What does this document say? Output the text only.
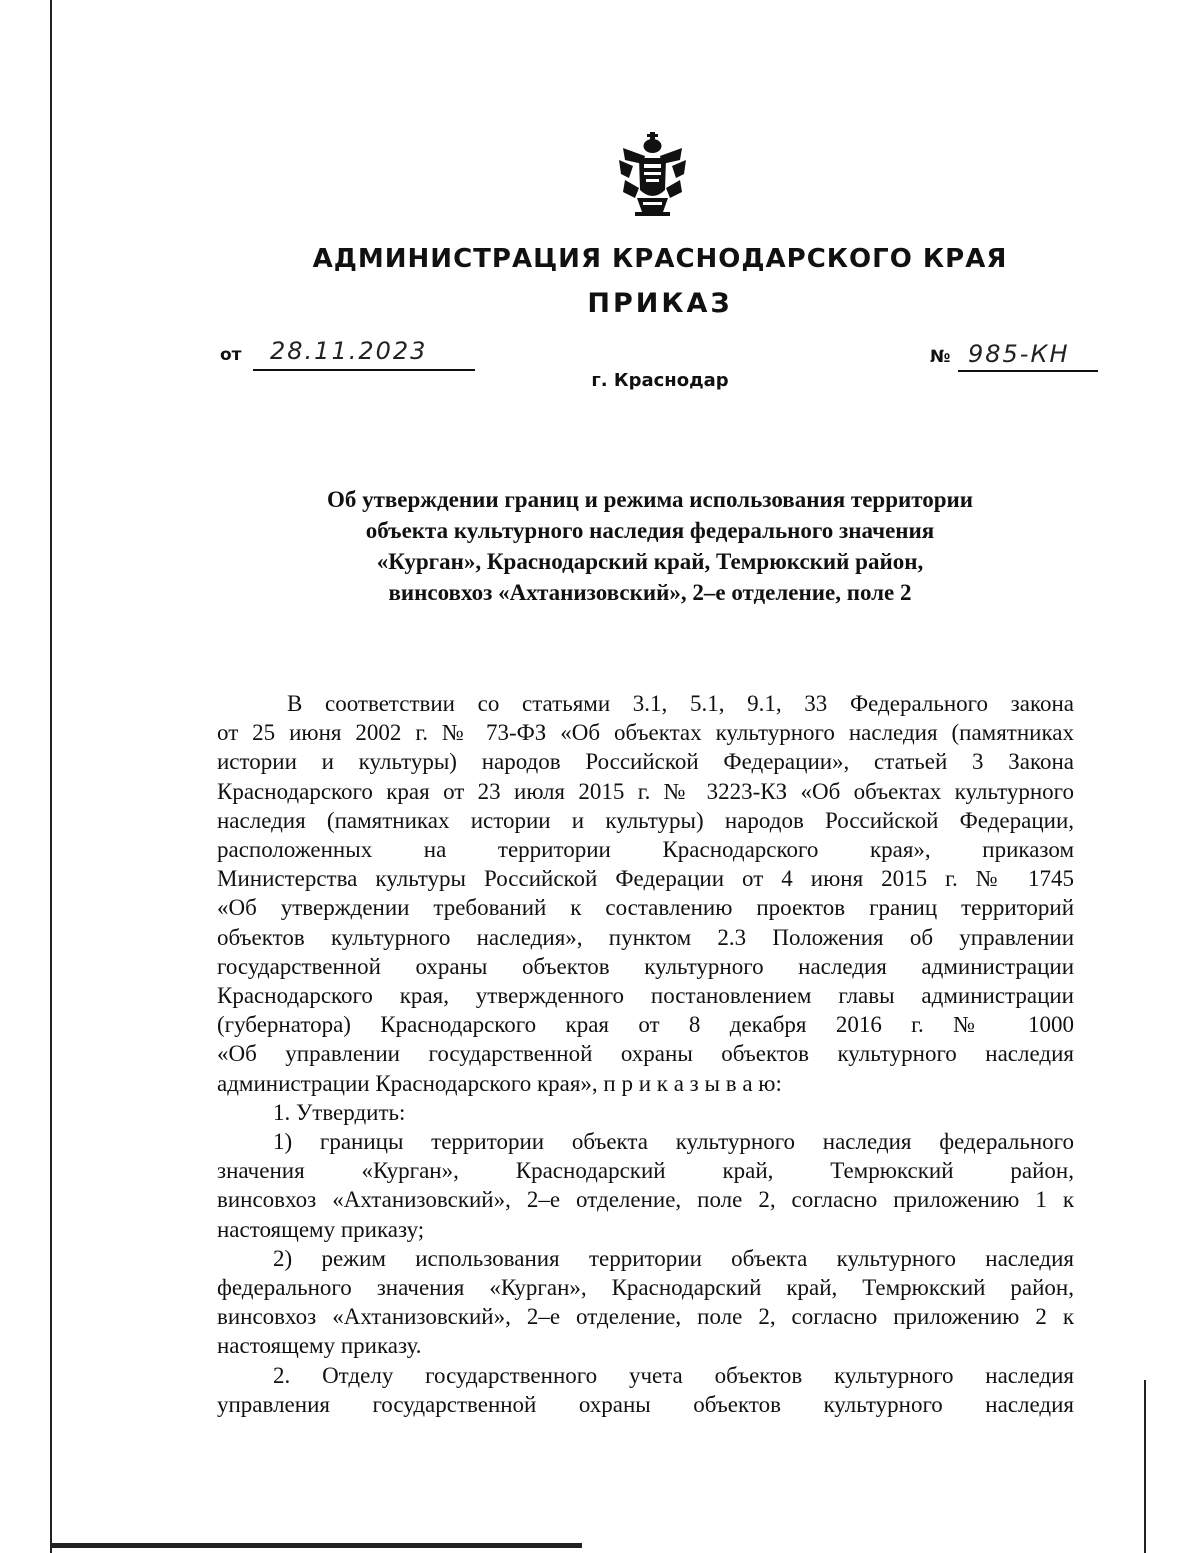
АДМИНИСТРАЦИЯ КРАСНОДАРСКОГО КРАЯ
ПРИКАЗ
от 28.11.2023	№ 985-КН
г. Краснодар
Об утверждении границ и режима использования территории
объекта культурного наследия федерального значения
«Курган», Краснодарский край, Темрюкский район,
винсовхоз «Ахтанизовский», 2–е отделение, поле 2
В соответствии со статьями 3.1, 5.1, 9.1, 33 Федерального закона
от 25 июня 2002 г. № 73-ФЗ «Об объектах культурного наследия (памятниках
истории и культуры) народов Российской Федерации», статьей 3 Закона
Краснодарского края от 23 июля 2015 г. № 3223-КЗ «Об объектах культурного
наследия (памятниках истории и культуры) народов Российской Федерации,
расположенных на территории Краснодарского края», приказом
Министерства культуры Российской Федерации от 4 июня 2015 г. № 1745
«Об утверждении требований к составлению проектов границ территорий
объектов культурного наследия», пунктом 2.3 Положения об управлении
государственной охраны объектов культурного наследия администрации
Краснодарского края, утвержденного постановлением главы администрации
(губернатора) Краснодарского края от 8 декабря 2016 г. № 1000
«Об управлении государственной охраны объектов культурного наследия
администрации Краснодарского края», п р и к а з ы в а ю:
1. Утвердить:
1) границы территории объекта культурного наследия федерального
значения «Курган», Краснодарский край, Темрюкский район,
винсовхоз «Ахтанизовский», 2–е отделение, поле 2, согласно приложению 1 к
настоящему приказу;
2) режим использования территории объекта культурного наследия
федерального значения «Курган», Краснодарский край, Темрюкский район,
винсовхоз «Ахтанизовский», 2–е отделение, поле 2, согласно приложению 2 к
настоящему приказу.
2. Отделу государственного учета объектов культурного наследия
управления государственной охраны объектов культурного наследия
